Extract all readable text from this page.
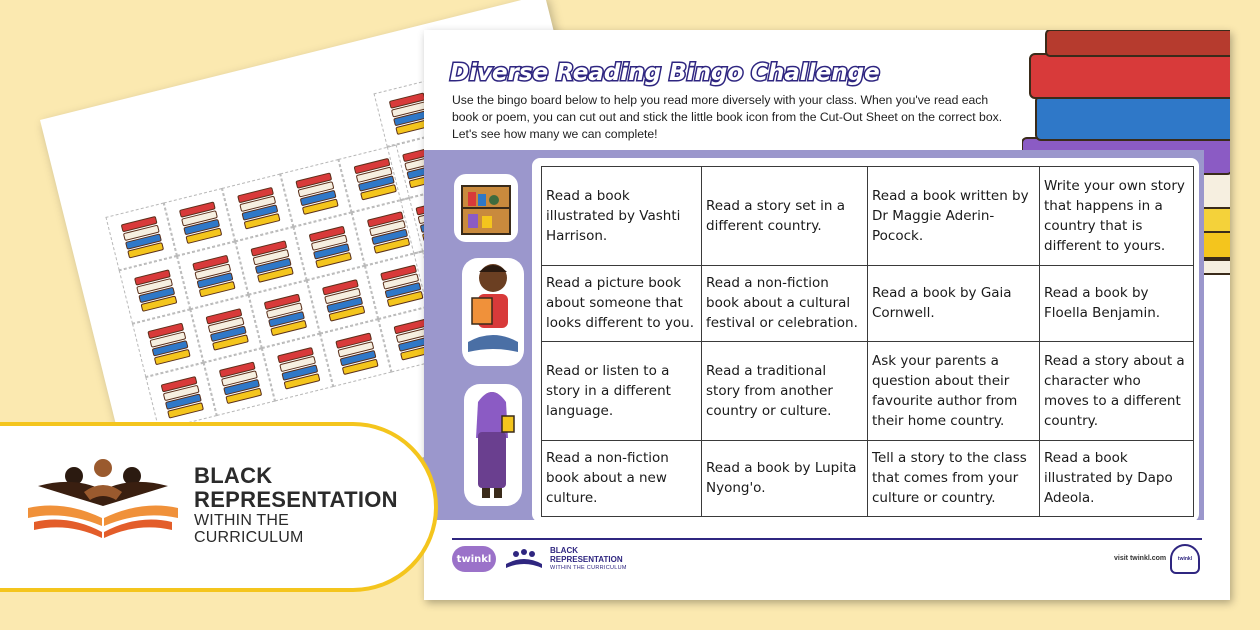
Diverse Reading Bingo Challenge
Use the bingo board below to help you read more diversely with your class. When you've read each book or poem, you can cut out and stick the little book icon from the Cut-Out Sheet on the correct box. Let's see how many we can complete!
Read a book illustrated by Vashti Harrison.	Read a story set in a different country.	Read a book written by Dr Maggie Aderin-Pocock.	Write your own story that happens in a country that is different to yours.
Read a picture book about someone that looks different to you.	Read a non-fiction book about a cultural festival or celebration.	Read a book by Gaia Cornwell.	Read a book by Floella Benjamin.
Read or listen to a story in a different language.	Read a traditional story from another country or culture.	Ask your parents a question about their favourite author from their home country.	Read a story about a character who moves to a different country.
Read a non-fiction book about a new culture.	Read a book by Lupita Nyong'o.	Tell a story to the class that comes from your culture or country.	Read a book illustrated by Dapo Adeola.
twinkl
BLACK
REPRESENTATION
WITHIN THE CURRICULUM
visit twinkl.com	twinkl
BLACK
REPRESENTATION
WITHIN THE
CURRICULUM
